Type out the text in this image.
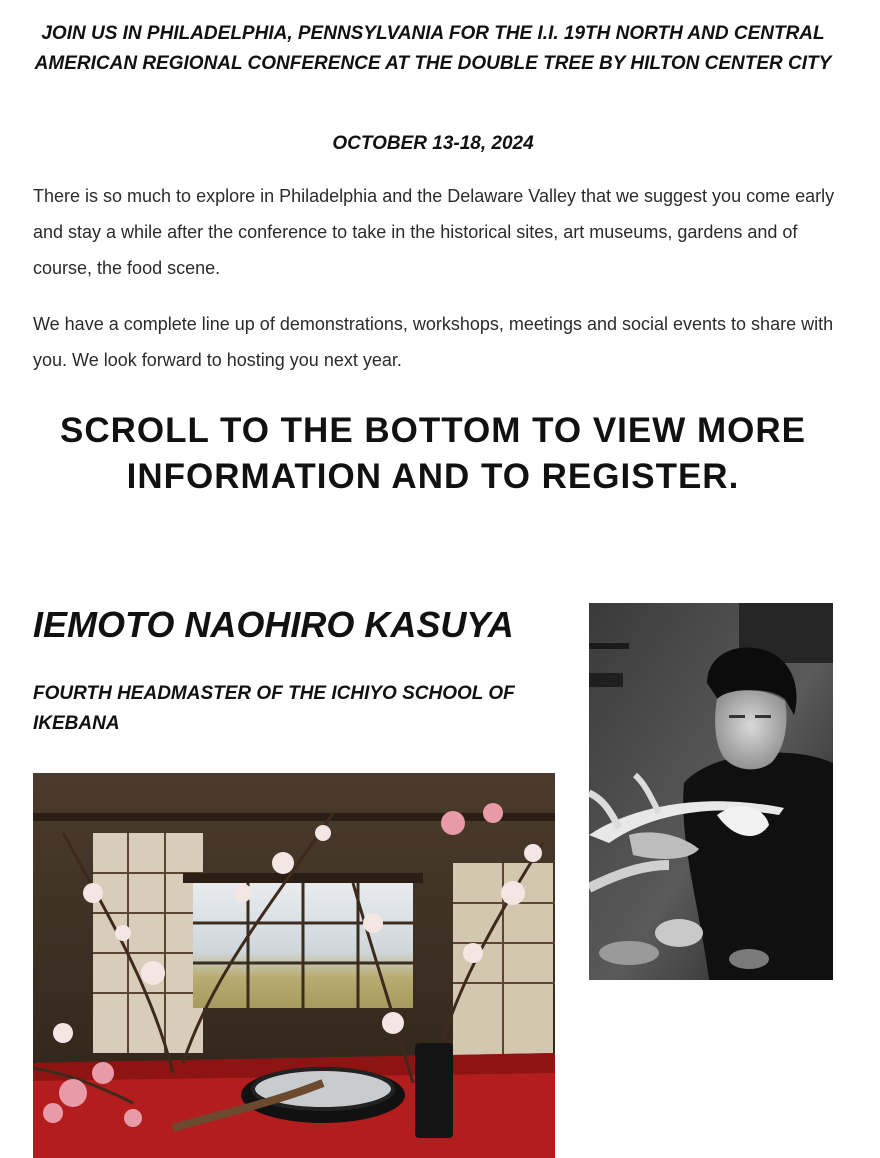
JOIN US IN PHILADELPHIA, PENNSYLVANIA FOR THE I.I. 19TH NORTH AND CENTRAL AMERICAN REGIONAL CONFERENCE AT THE DOUBLE TREE BY HILTON CENTER CITY

OCTOBER 13-18, 2024

There is so much to explore in Philadelphia and the Delaware Valley that we suggest you come early and stay a while after the conference to take in the historical sites, art museums, gardens and of course, the food scene.

We have a complete line up of demonstrations, workshops, meetings and social events to share with you. We look forward to hosting you next year.

SCROLL TO THE BOTTOM TO VIEW MORE INFORMATION AND TO REGISTER.
IEMOTO NAOHIRO KASUYA
FOURTH HEADMASTER OF THE ICHIYO SCHOOL OF IKEBANA
